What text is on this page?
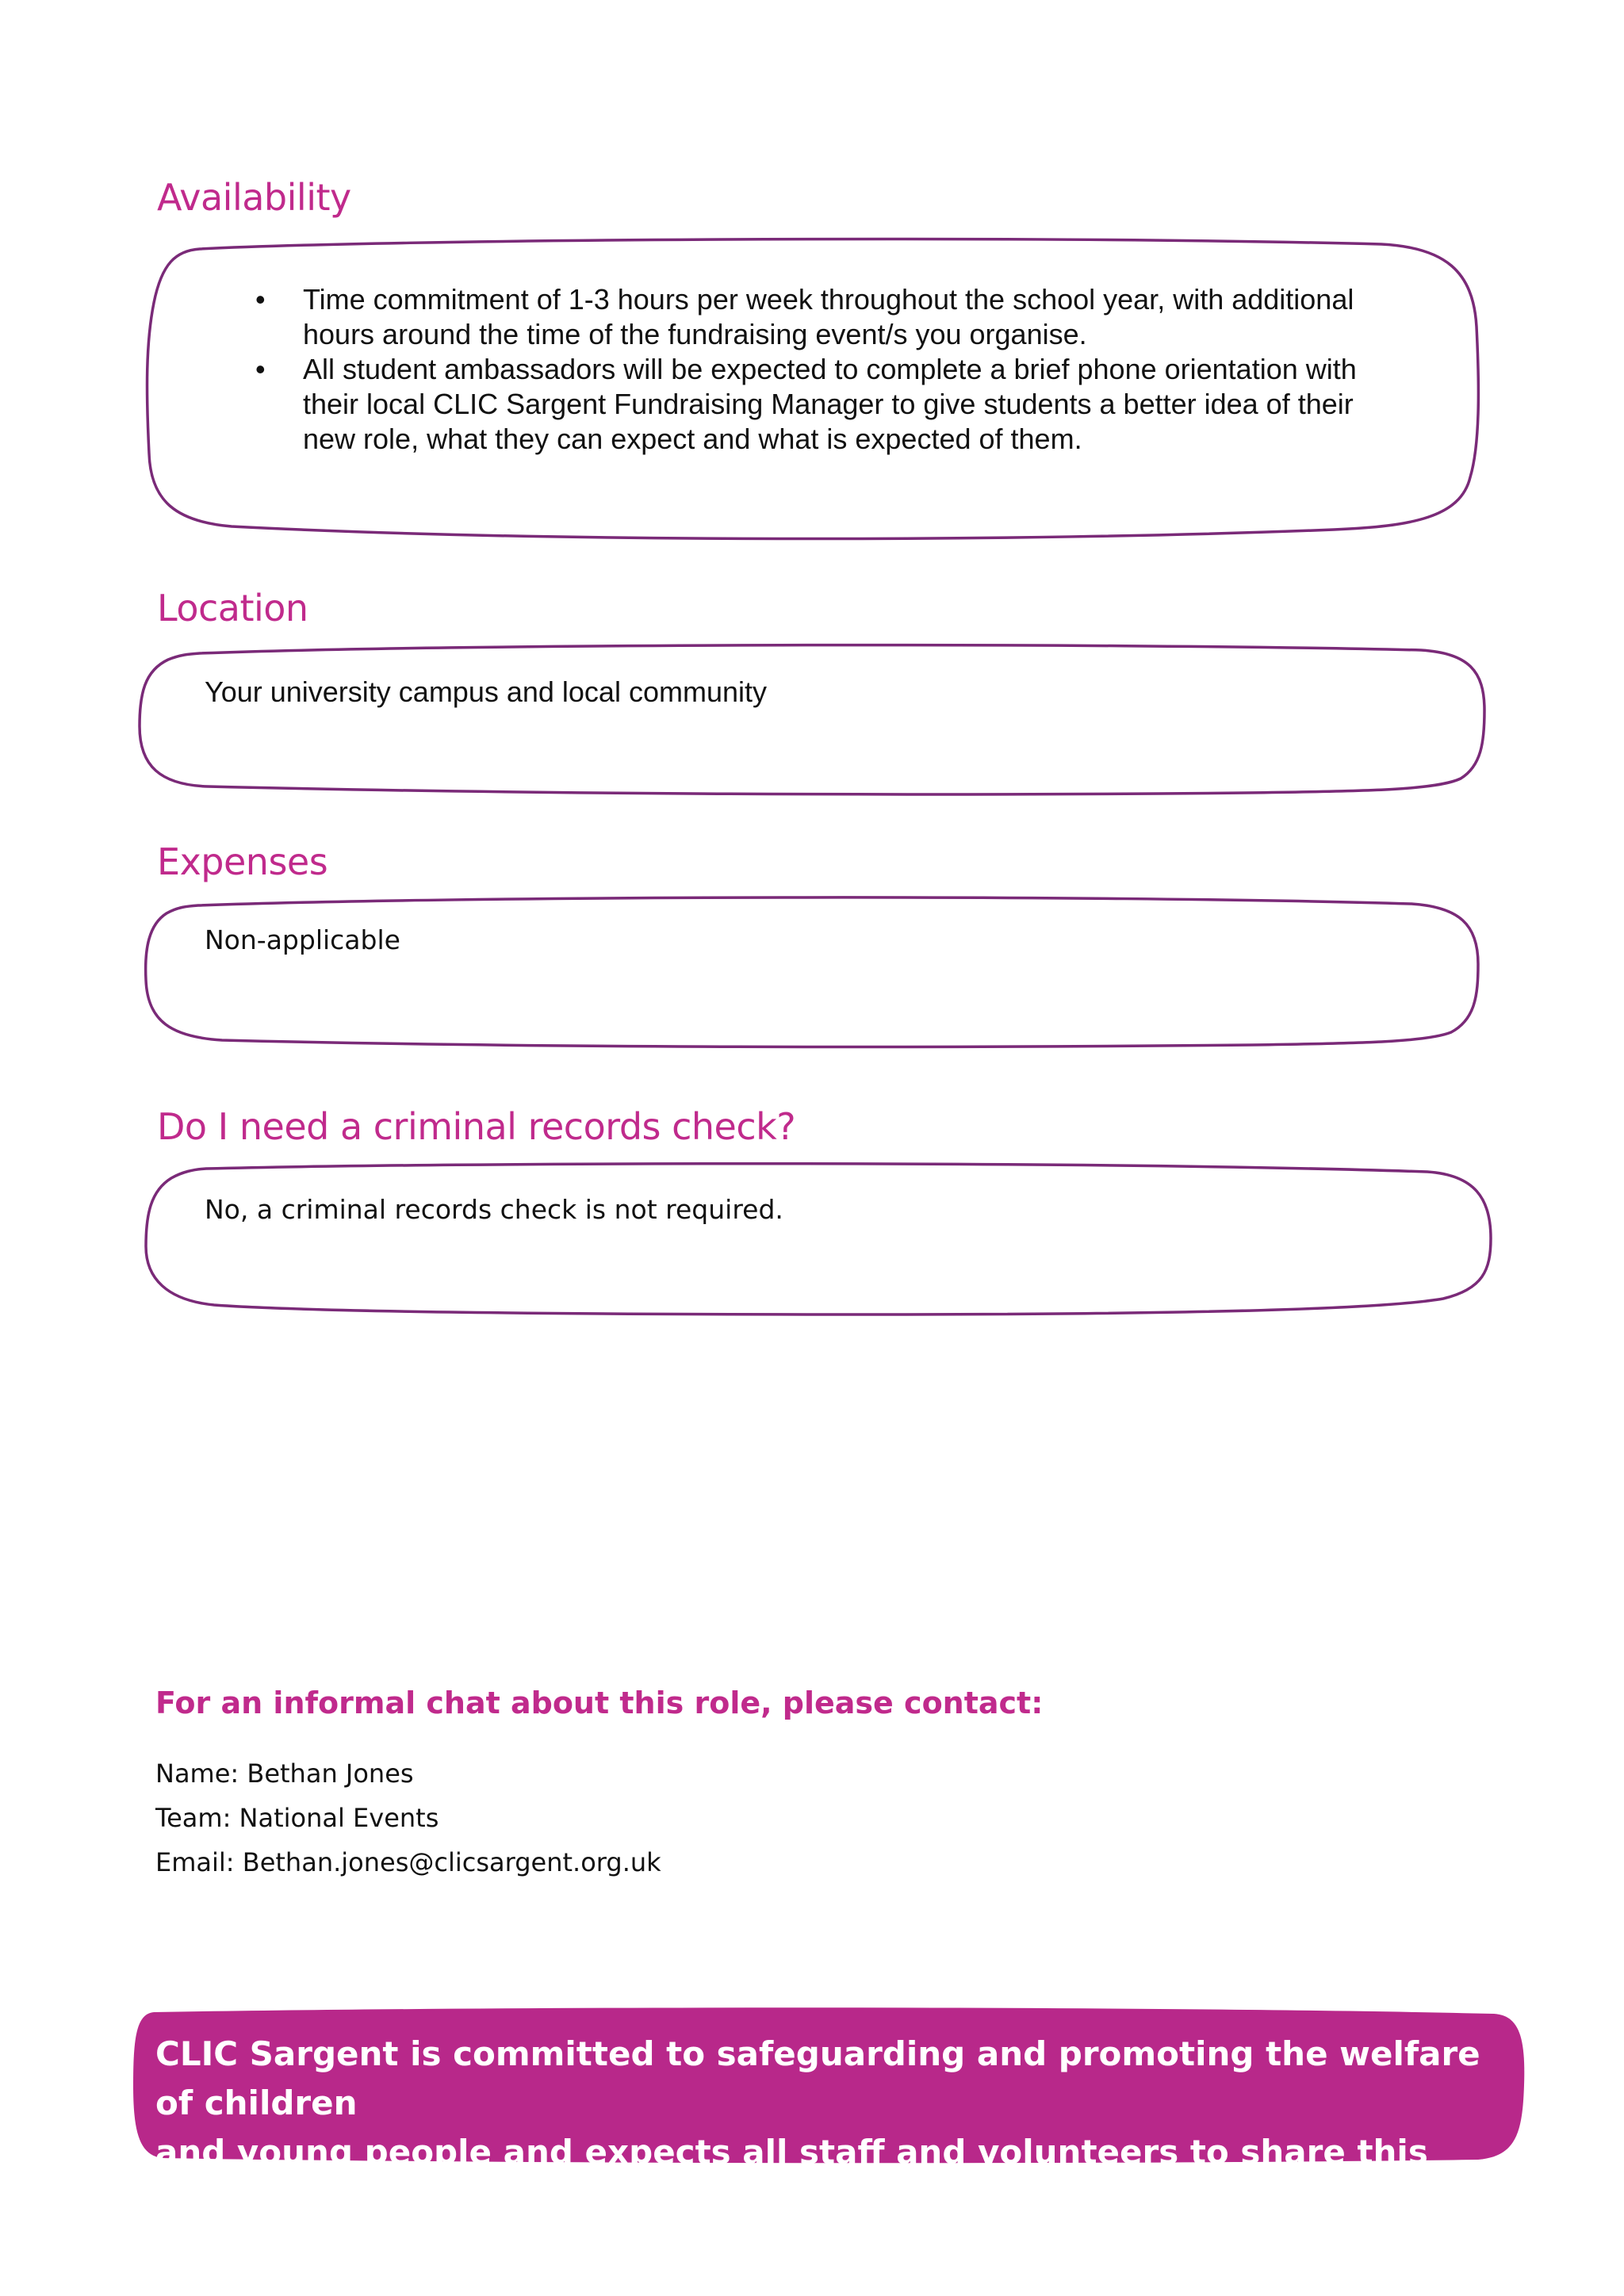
Availability
• Time commitment of 1-3 hours per week throughout the school year, with additional hours around the time of the fundraising event/s you organise.
• All student ambassadors will be expected to complete a brief phone orientation with their local CLIC Sargent Fundraising Manager to give students a better idea of their new role, what they can expect and what is expected of them.
Location

Your university campus and local community

Expenses

Non-applicable

Do I need a criminal records check?

No, a criminal records check is not required.

For an informal chat about this role, please contact:

Name: Bethan Jones

Team: National Events

Email: Bethan.jones@clicsargent.org.uk

CLIC Sargent is committed to safeguarding and promoting the welfare of children
and young people and expects all staff and volunteers to share this commitment
